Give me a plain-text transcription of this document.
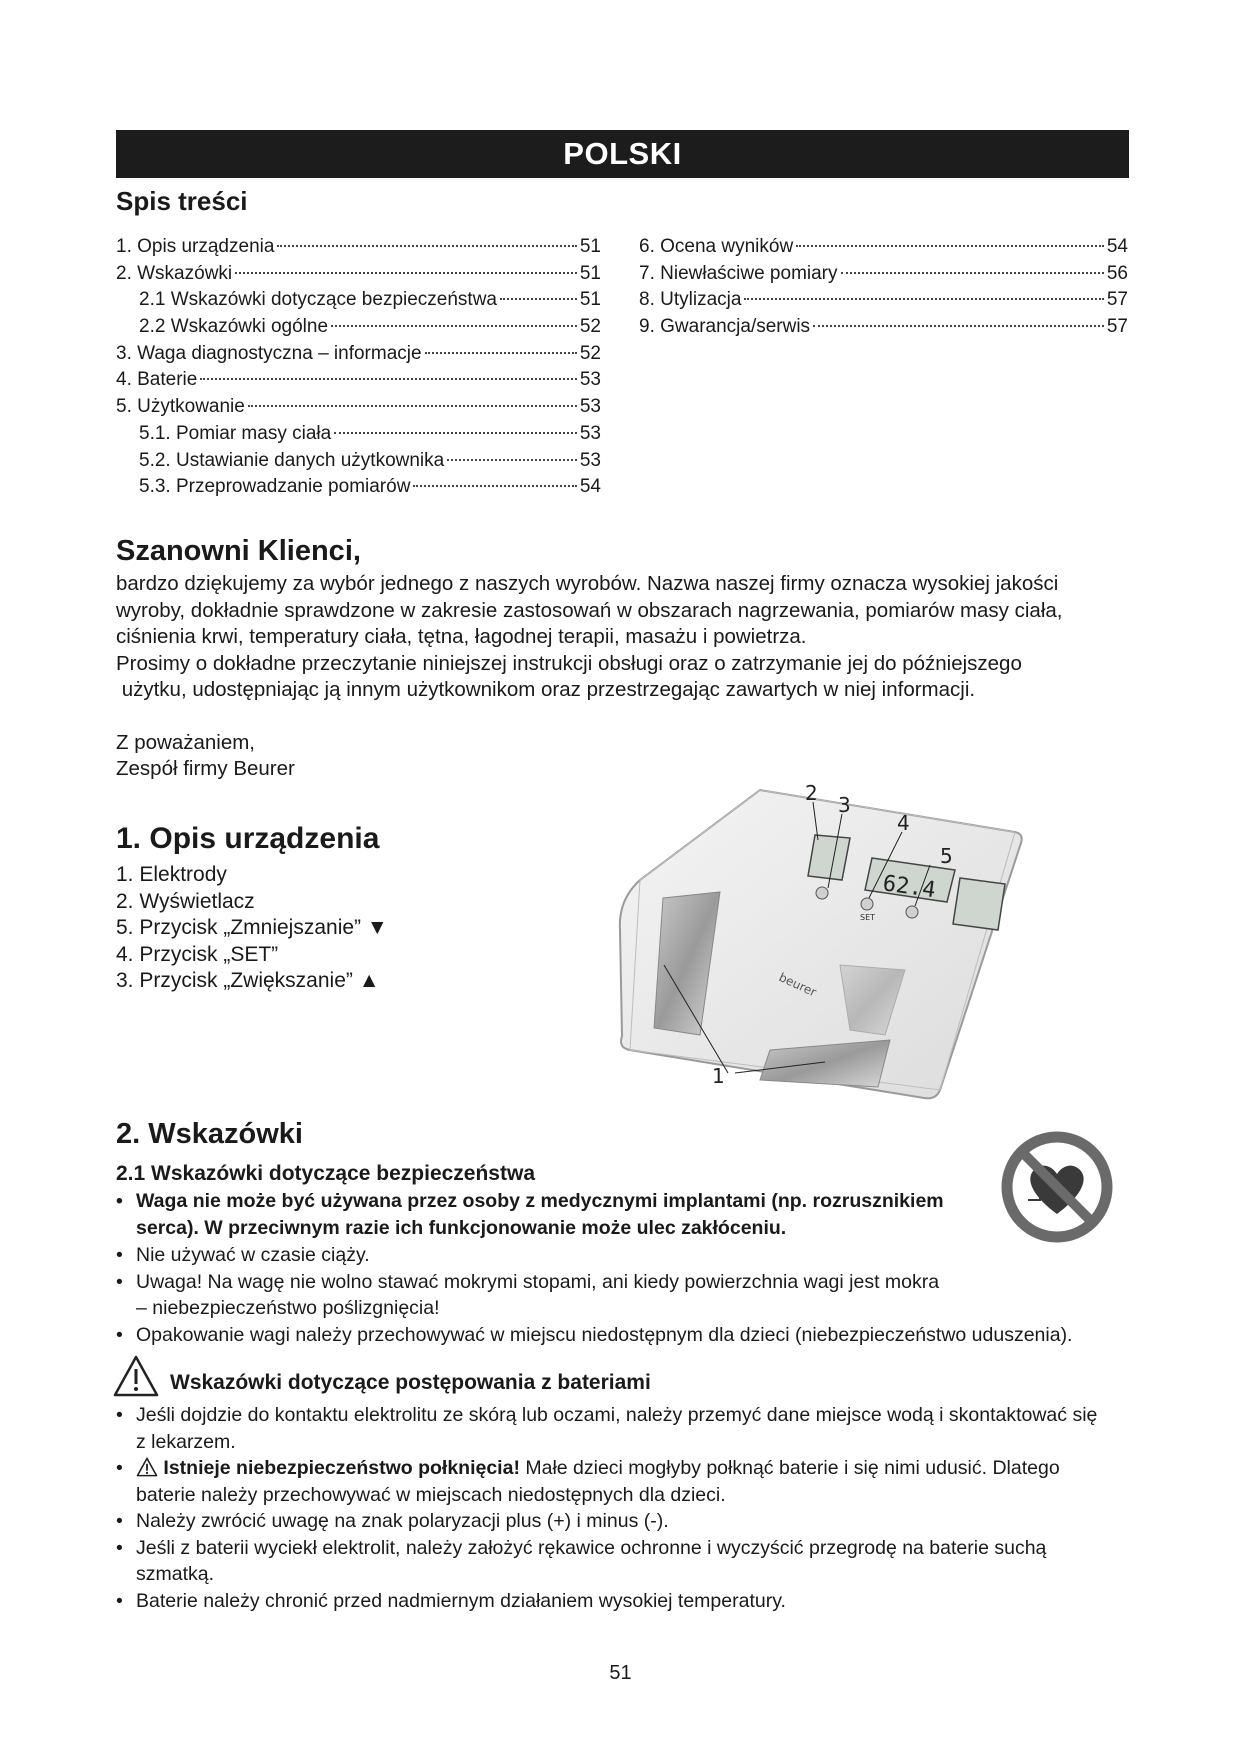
POLSKI
Spis treści
1. Opis urządzenia	51
2. Wskazówki	51
2.1 Wskazówki dotyczące bezpieczeństwa	51
2.2 Wskazówki ogólne	52
3. Waga diagnostyczna – informacje	52
4. Baterie	53
5. Użytkowanie	53
5.1. Pomiar masy ciała	53
5.2. Ustawianie danych użytkownika	53
5.3. Przeprowadzanie pomiarów	54
6. Ocena wyników	54
7. Niewłaściwe pomiary	56
8. Utylizacja	57
9. Gwarancja/serwis	57
Szanowni Klienci,
bardzo dziękujemy za wybór jednego z naszych wyrobów. Nazwa naszej firmy oznacza wysokiej jakości
wyroby, dokładnie sprawdzone w zakresie zastosowań w obszarach nagrzewania, pomiarów masy ciała,
ciśnienia krwi, temperatury ciała, tętna, łagodnej terapii, masażu i powietrza.
Prosimy o dokładne przeczytanie niniejszej instrukcji obsługi oraz o zatrzymanie jej do późniejszego
użytku, udostępniając ją innym użytkownikom oraz przestrzegając zawartych w niej informacji.
Z poważaniem,
Zespół firmy Beurer
1. Opis urządzenia
1. Elektrody
2. Wyświetlacz
5. Przycisk „Zmniejszanie” ▼
4. Przycisk „SET”
3. Przycisk „Zwiększanie” ▲
62.4
SET
beurer
2 3
4
5
1
2. Wskazówki
2.1 Wskazówki dotyczące bezpieczeństwa
• Waga nie może być używana przez osoby z medycznymi implantami (np. rozrusznikiem
serca). W przeciwnym razie ich funkcjonowanie może ulec zakłóceniu.
• Nie używać w czasie ciąży.
• Uwaga! Na wagę nie wolno stawać mokrymi stopami, ani kiedy powierzchnia wagi jest mokra
– niebezpieczeństwo poślizgnięcia!
• Opakowanie wagi należy przechowywać w miejscu niedostępnym dla dzieci (niebezpieczeństwo uduszenia).
Wskazówki dotyczące postępowania z bateriami
• Jeśli dojdzie do kontaktu elektrolitu ze skórą lub oczami, należy przemyć dane miejsce wodą i skontaktować się
z lekarzem.
• Istnieje niebezpieczeństwo połknięcia! Małe dzieci mogłyby połknąć baterie i się nimi udusić. Dlatego
baterie należy przechowywać w miejscach niedostępnych dla dzieci.
• Należy zwrócić uwagę na znak polaryzacji plus (+) i minus (-).
• Jeśli z baterii wyciekł elektrolit, należy założyć rękawice ochronne i wyczyścić przegrodę na baterie suchą
szmatką.
• Baterie należy chronić przed nadmiernym działaniem wysokiej temperatury.
51
